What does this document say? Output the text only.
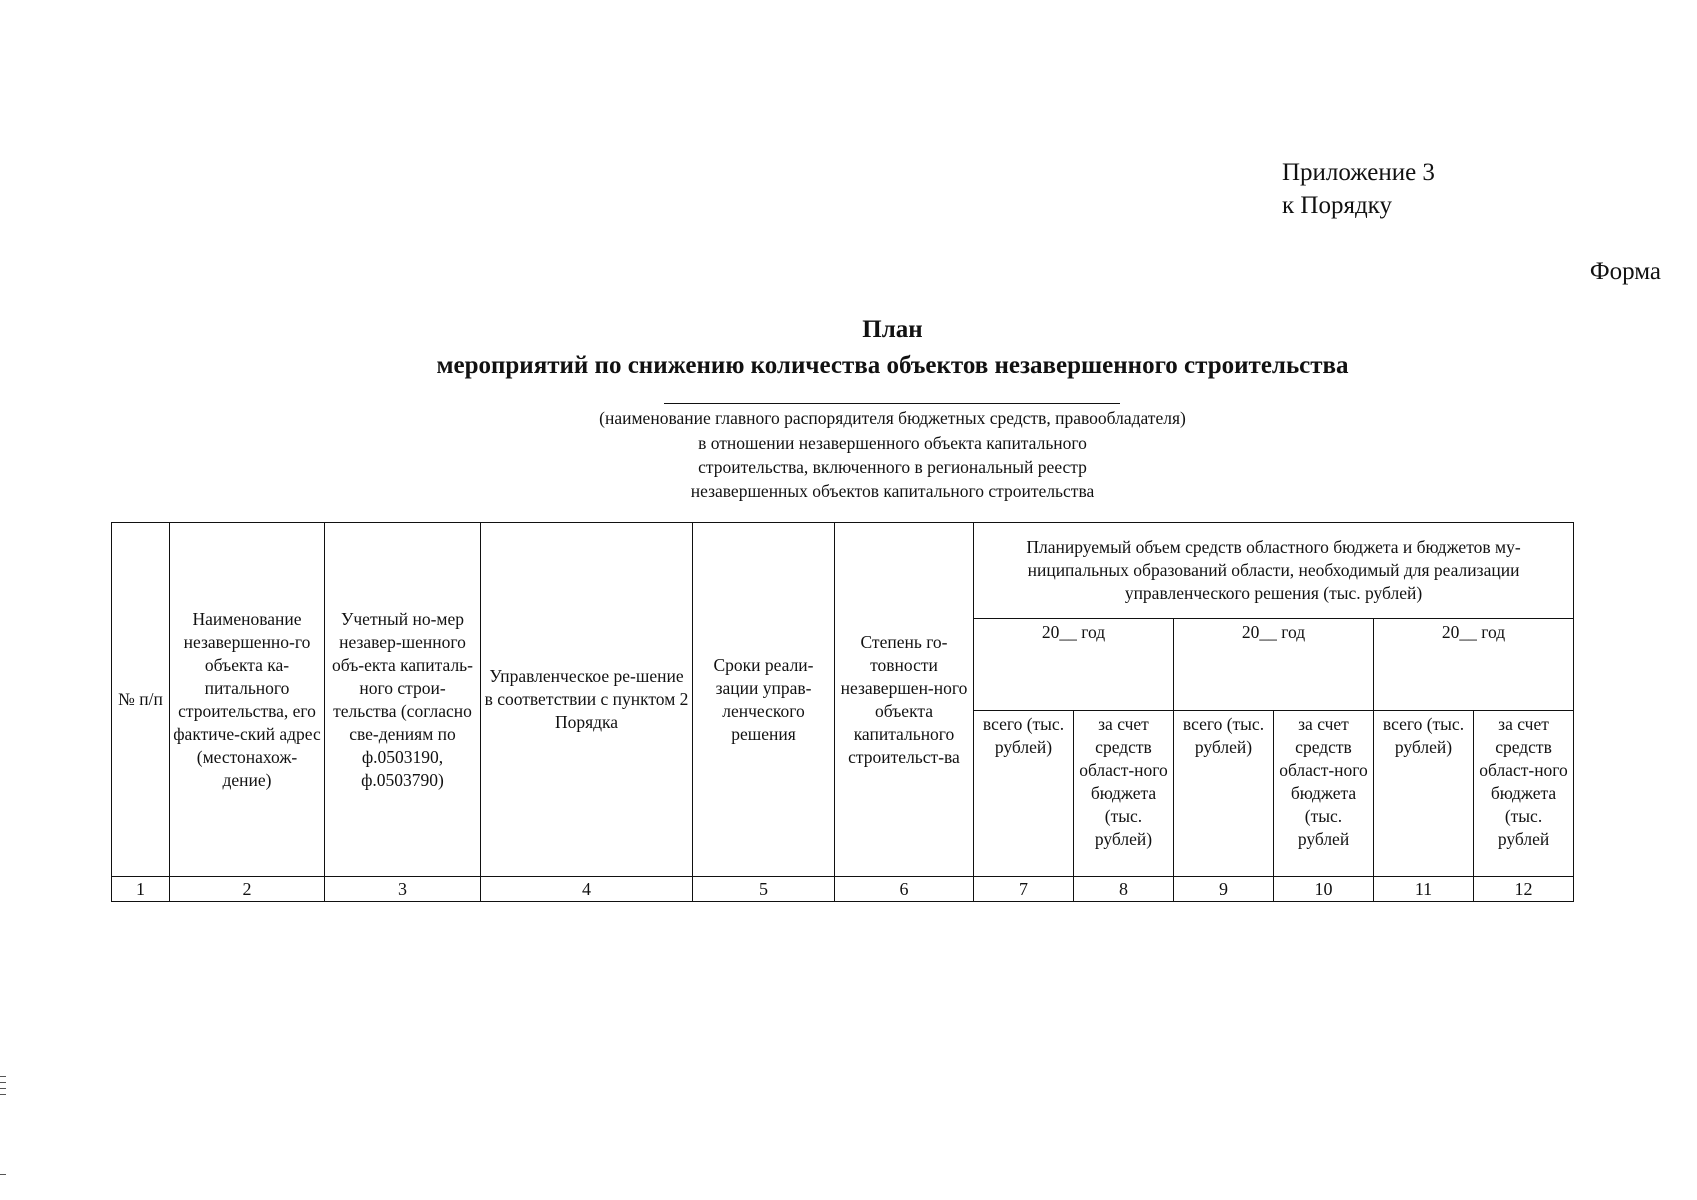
Приложение 3
к Порядку
Форма
План
мероприятий по снижению количества объектов незавершенного строительства
(наименование главного распорядителя бюджетных средств, правообладателя)
в отношении незавершенного объекта капитального
строительства, включенного в региональный реестр
незавершенных объектов капитального строительства
№ п/п	Наименование незавершенно-го объекта ка-питального строительства, его фактиче-ский адрес (местонахож-дение)	Учетный но-мер незавер-шенного объ-екта капиталь-ного строи-тельства (согласно све-дениям по ф.0503190, ф.0503790)	Управленческое ре-шение в соответствии с пунктом 2 Порядка	Сроки реали-зации управ-ленческого решения	Степень го-товности незавершен-ного объекта капитального строительст-ва	Планируемый объем средств областного бюджета и бюджетов му-ниципальных образований области, необходимый для реализации управленческого решения (тыс. рублей)					
						20__ год		20__ год		20__ год	
						всего (тыс. рублей)	за счет средств област-ного бюджета (тыс. рублей)	всего (тыс. рублей)	за счет средств област-ного бюджета (тыс. рублей	всего (тыс. рублей)	за счет средств област-ного бюджета (тыс. рублей
1	2	3	4	5	6	7	8	9	10	11	12
